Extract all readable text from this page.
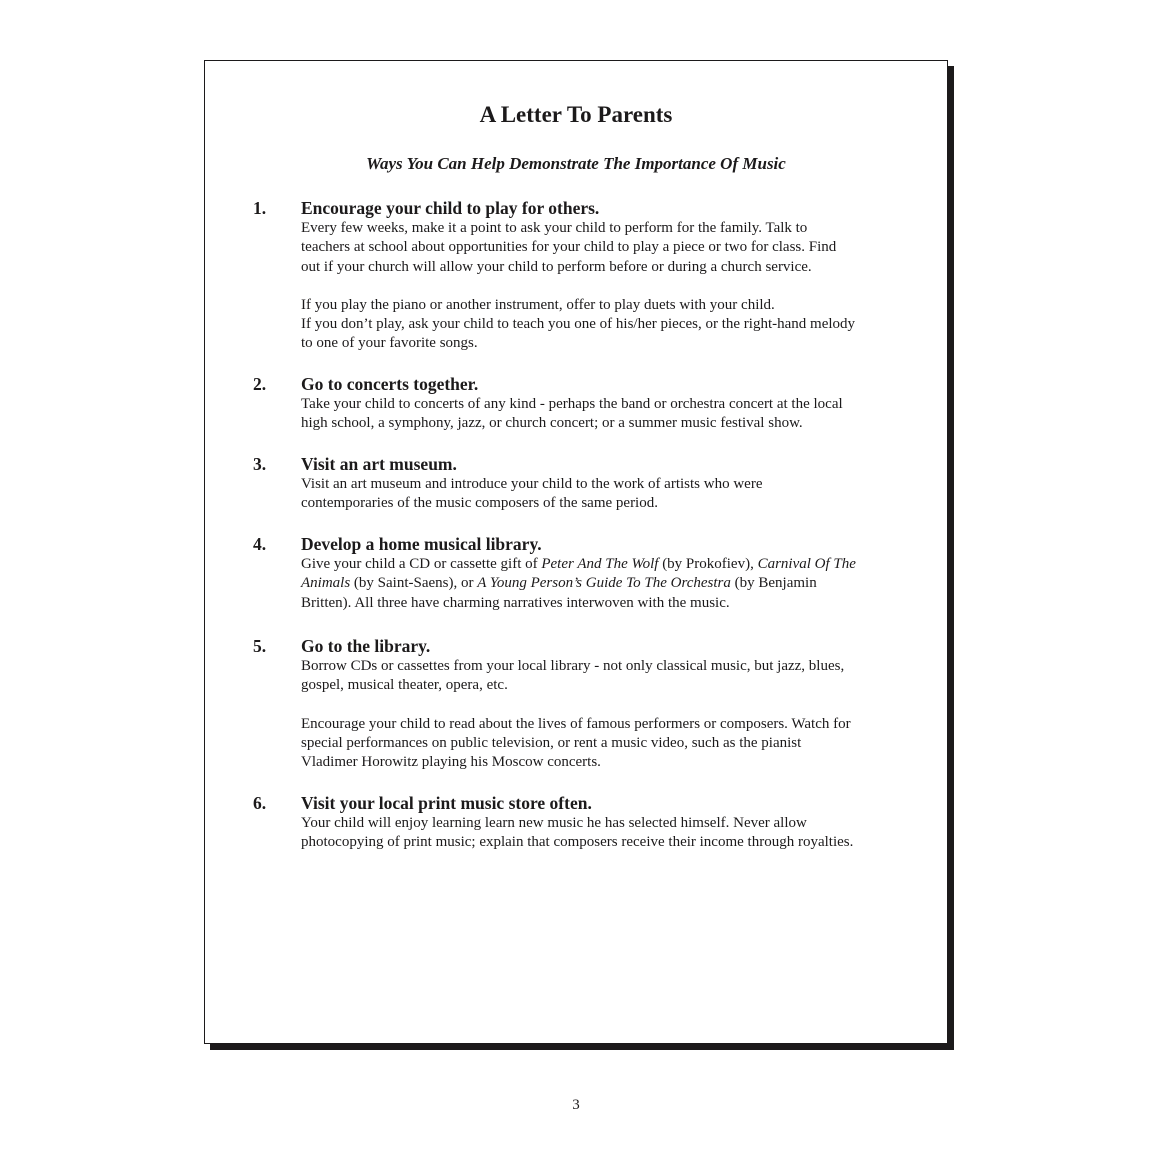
A Letter To Parents
Ways You Can Help Demonstrate The Importance Of Music
1. Encourage your child to play for others.

Every few weeks, make it a point to ask your child to perform for the family. Talk to
teachers at school about opportunities for your child to play a piece or two for class. Find
out if your church will allow your child to perform before or during a church service.

If you play the piano or another instrument, offer to play duets with your child.
If you don’t play, ask your child to teach you one of his/her pieces, or the right-hand melody
to one of your favorite songs.

2. Go to concerts together.

Take your child to concerts of any kind - perhaps the band or orchestra concert at the local
high school, a symphony, jazz, or church concert; or a summer music festival show.

3. Visit an art museum.

Visit an art museum and introduce your child to the work of artists who were
contemporaries of the music composers of the same period.

4. Develop a home musical library.

Give your child a CD or cassette gift of Peter And The Wolf (by Prokofiev), Carnival Of The
Animals (by Saint-Saens), or A Young Person’s Guide To The Orchestra (by Benjamin
Britten). All three have charming narratives interwoven with the music.

5. Go to the library.

Borrow CDs or cassettes from your local library - not only classical music, but jazz, blues,
gospel, musical theater, opera, etc.

Encourage your child to read about the lives of famous performers or composers. Watch for
special performances on public television, or rent a music video, such as the pianist
Vladimer Horowitz playing his Moscow concerts.

6. Visit your local print music store often.

Your child will enjoy learning learn new music he has selected himself. Never allow
photocopying of print music; explain that composers receive their income through royalties.

3
